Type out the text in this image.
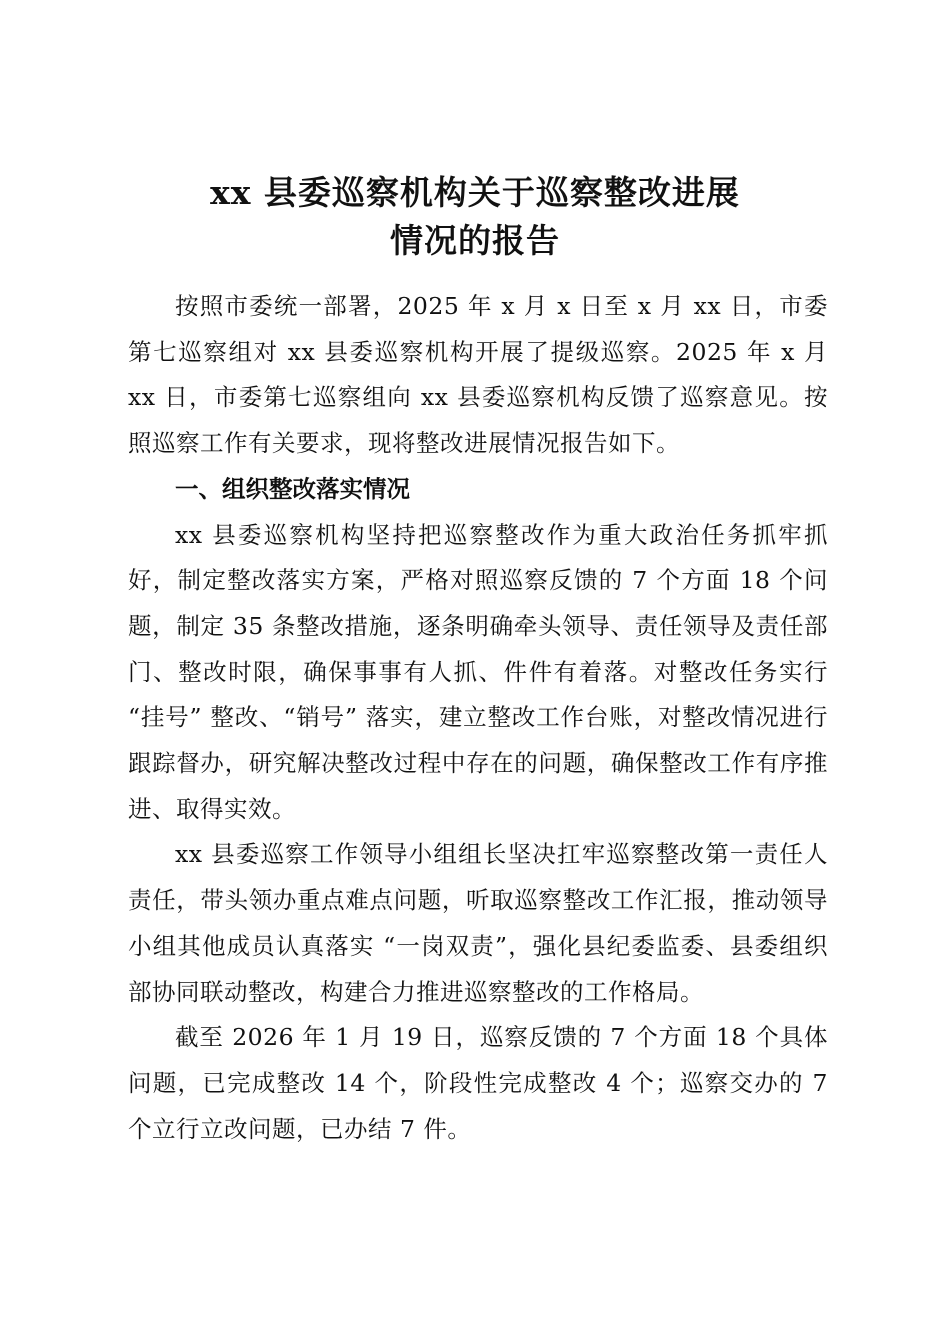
xx 县委巡察机构关于巡察整改进展
情况的报告

按照市委统一部署，2025 年 x 月 x 日至 x 月 xx 日，市委第七巡察组对 xx 县委巡察机构开展了提级巡察。2025 年 x 月 xx 日，市委第七巡察组向 xx 县委巡察机构反馈了巡察意见。按照巡察工作有关要求，现将整改进展情况报告如下。

一、组织整改落实情况

xx 县委巡察机构坚持把巡察整改作为重大政治任务抓牢抓好，制定整改落实方案，严格对照巡察反馈的 7 个方面 18 个问题，制定 35 条整改措施，逐条明确牵头领导、责任领导及责任部门、整改时限，确保事事有人抓、件件有着落。对整改任务实行 “挂号” 整改、“销号” 落实，建立整改工作台账，对整改情况进行跟踪督办，研究解决整改过程中存在的问题，确保整改工作有序推进、取得实效。

xx 县委巡察工作领导小组组长坚决扛牢巡察整改第一责任人责任，带头领办重点难点问题，听取巡察整改工作汇报，推动领导小组其他成员认真落实 “一岗双责”，强化县纪委监委、县委组织部协同联动整改，构建合力推进巡察整改的工作格局。

截至 2026 年 1 月 19 日，巡察反馈的 7 个方面 18 个具体问题，已完成整改 14 个，阶段性完成整改 4 个；巡察交办的 7 个立行立改问题，已办结 7 件。
